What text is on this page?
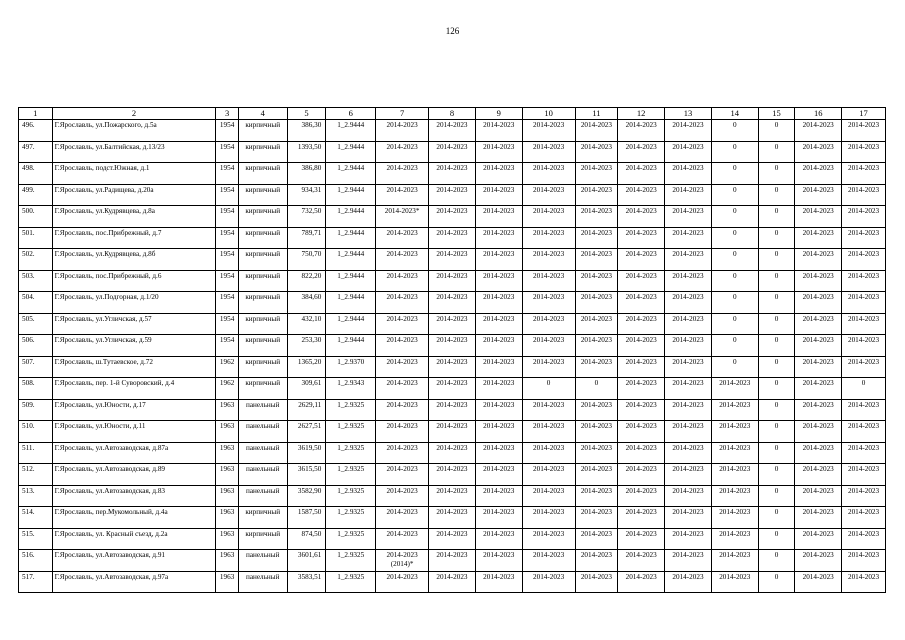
126
1	2	3	4	5	6	7	8	9	10	11	12	13	14	15	16	17
496.	Г.Ярославль, ул.Пожарского, д.5а	1954	кирпичный	386,30	1_2.9444	2014-2023	2014-2023	2014-2023	2014-2023	2014-2023	2014-2023	2014-2023	0	0	2014-2023	2014-2023
497.	Г.Ярославль, ул.Балтийская, д.13/23	1954	кирпичный	1393,50	1_2.9444	2014-2023	2014-2023	2014-2023	2014-2023	2014-2023	2014-2023	2014-2023	0	0	2014-2023	2014-2023
498.	Г.Ярославль, подст.Южная, д.1	1954	кирпичный	386,80	1_2.9444	2014-2023	2014-2023	2014-2023	2014-2023	2014-2023	2014-2023	2014-2023	0	0	2014-2023	2014-2023
499.	Г.Ярославль, ул.Радищева, д.20а	1954	кирпичный	934,31	1_2.9444	2014-2023	2014-2023	2014-2023	2014-2023	2014-2023	2014-2023	2014-2023	0	0	2014-2023	2014-2023
500.	Г.Ярославль, ул.Кудрявцева, д.8а	1954	кирпичный	732,50	1_2.9444	2014-2023*	2014-2023	2014-2023	2014-2023	2014-2023	2014-2023	2014-2023	0	0	2014-2023	2014-2023
501.	Г.Ярославль, пос.Прибрежный, д.7	1954	кирпичный	789,71	1_2.9444	2014-2023	2014-2023	2014-2023	2014-2023	2014-2023	2014-2023	2014-2023	0	0	2014-2023	2014-2023
502.	Г.Ярославль, ул.Кудрявцева, д.8б	1954	кирпичный	750,70	1_2.9444	2014-2023	2014-2023	2014-2023	2014-2023	2014-2023	2014-2023	2014-2023	0	0	2014-2023	2014-2023
503.	Г.Ярославль, пос.Прибрежный, д.6	1954	кирпичный	822,20	1_2.9444	2014-2023	2014-2023	2014-2023	2014-2023	2014-2023	2014-2023	2014-2023	0	0	2014-2023	2014-2023
504.	Г.Ярославль, ул.Подгорная, д.1/20	1954	кирпичный	384,60	1_2.9444	2014-2023	2014-2023	2014-2023	2014-2023	2014-2023	2014-2023	2014-2023	0	0	2014-2023	2014-2023
505.	Г.Ярославль, ул.Угличская, д.57	1954	кирпичный	432,10	1_2.9444	2014-2023	2014-2023	2014-2023	2014-2023	2014-2023	2014-2023	2014-2023	0	0	2014-2023	2014-2023
506.	Г.Ярославль, ул.Угличская, д.59	1954	кирпичный	253,30	1_2.9444	2014-2023	2014-2023	2014-2023	2014-2023	2014-2023	2014-2023	2014-2023	0	0	2014-2023	2014-2023
507.	Г.Ярославль, ш.Тутаевское, д.72	1962	кирпичный	1365,20	1_2.9370	2014-2023	2014-2023	2014-2023	2014-2023	2014-2023	2014-2023	2014-2023	0	0	2014-2023	2014-2023
508.	Г.Ярославль, пер. 1-й Суворовский, д.4	1962	кирпичный	309,61	1_2.9343	2014-2023	2014-2023	2014-2023	0	0	2014-2023	2014-2023	2014-2023	0	2014-2023	0
509.	Г.Ярославль, ул.Юности, д.17	1963	панельный	2629,11	1_2.9325	2014-2023	2014-2023	2014-2023	2014-2023	2014-2023	2014-2023	2014-2023	2014-2023	0	2014-2023	2014-2023
510.	Г.Ярославль, ул.Юности, д.11	1963	панельный	2627,51	1_2.9325	2014-2023	2014-2023	2014-2023	2014-2023	2014-2023	2014-2023	2014-2023	2014-2023	0	2014-2023	2014-2023
511.	Г.Ярославль, ул.Автозаводская, д.87а	1963	панельный	3619,50	1_2.9325	2014-2023	2014-2023	2014-2023	2014-2023	2014-2023	2014-2023	2014-2023	2014-2023	0	2014-2023	2014-2023
512.	Г.Ярославль, ул.Автозаводская, д.89	1963	панельный	3615,50	1_2.9325	2014-2023	2014-2023	2014-2023	2014-2023	2014-2023	2014-2023	2014-2023	2014-2023	0	2014-2023	2014-2023
513.	Г.Ярославль, ул.Автозаводская, д.83	1963	панельный	3582,90	1_2.9325	2014-2023	2014-2023	2014-2023	2014-2023	2014-2023	2014-2023	2014-2023	2014-2023	0	2014-2023	2014-2023
514.	Г.Ярославль, пер.Мукомольный, д.4а	1963	кирпичный	1587,50	1_2.9325	2014-2023	2014-2023	2014-2023	2014-2023	2014-2023	2014-2023	2014-2023	2014-2023	0	2014-2023	2014-2023
515.	Г.Ярославль, ул. Красный съезд, д.2а	1963	кирпичный	874,50	1_2.9325	2014-2023	2014-2023	2014-2023	2014-2023	2014-2023	2014-2023	2014-2023	2014-2023	0	2014-2023	2014-2023
516.	Г.Ярославль, ул.Автозаводская, д.91	1963	панельный	3601,61	1_2.9325	2014-2023 (2014)*	2014-2023	2014-2023	2014-2023	2014-2023	2014-2023	2014-2023	2014-2023	0	2014-2023	2014-2023
517.	Г.Ярославль, ул.Автозаводская, д.97а	1963	панельный	3583,51	1_2.9325	2014-2023	2014-2023	2014-2023	2014-2023	2014-2023	2014-2023	2014-2023	2014-2023	0	2014-2023	2014-2023
